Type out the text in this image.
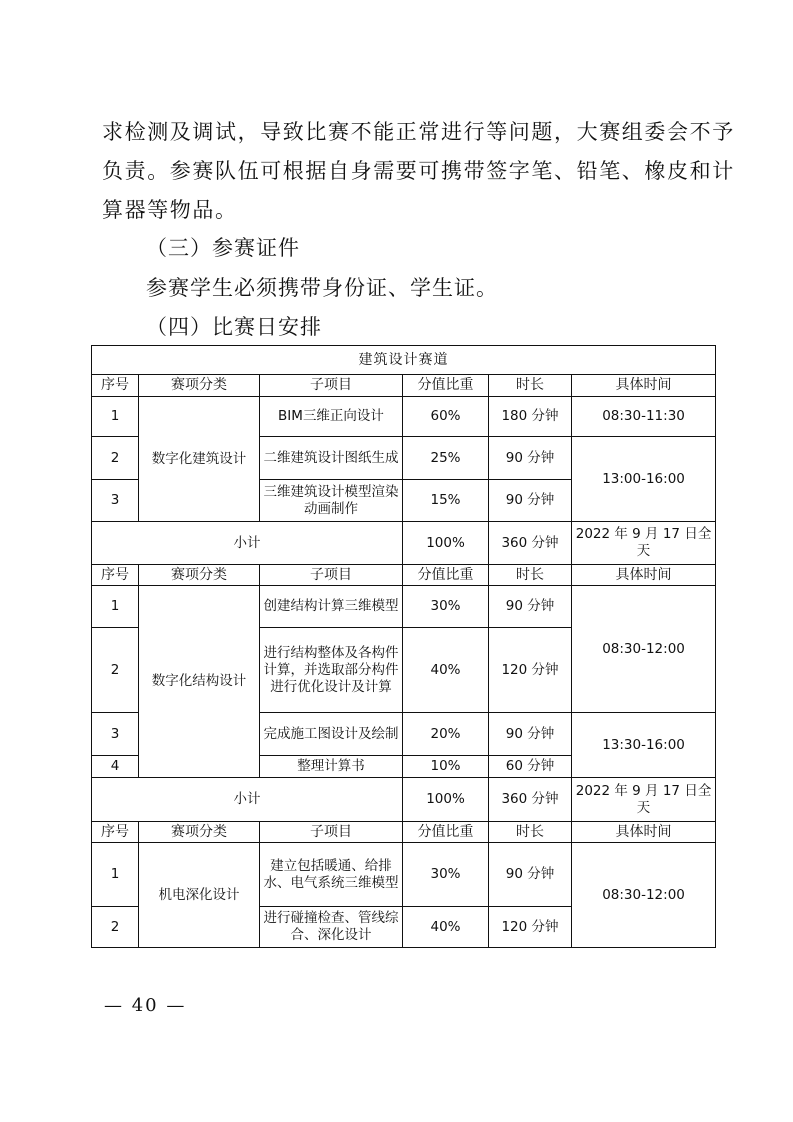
求检测及调试，导致比赛不能正常进行等问题，大赛组委会不予
负责。参赛队伍可根据自身需要可携带签字笔、铅笔、橡皮和计
算器等物品。
（三）参赛证件
参赛学生必须携带身份证、学生证。
（四）比赛日安排
建筑设计赛道					
序号	赛项分类	子项目	分值比重	时长	具体时间
1	数字化建筑设计	BIM三维正向设计	60%	180 分钟	08:30-11:30
2		二维建筑设计图纸生成	25%	90 分钟	13:00-16:00
3		三维建筑设计模型渲染动画制作	15%	90 分钟	
小计			100%	360 分钟	2022 年 9 月 17 日全天
序号	赛项分类	子项目	分值比重	时长	具体时间
1	数字化结构设计	创建结构计算三维模型	30%	90 分钟	08:30-12:00
2		进行结构整体及各构件计算，并选取部分构件进行优化设计及计算	40%	120 分钟	
3		完成施工图设计及绘制	20%	90 分钟	13:30-16:00
4		整理计算书	10%	60 分钟	
小计			100%	360 分钟	2022 年 9 月 17 日全天
序号	赛项分类	子项目	分值比重	时长	具体时间
1	机电深化设计	建立包括暖通、给排水、电气系统三维模型	30%	90 分钟	08:30-12:00
2		进行碰撞检查、管线综合、深化设计	40%	120 分钟	
— 40 —
